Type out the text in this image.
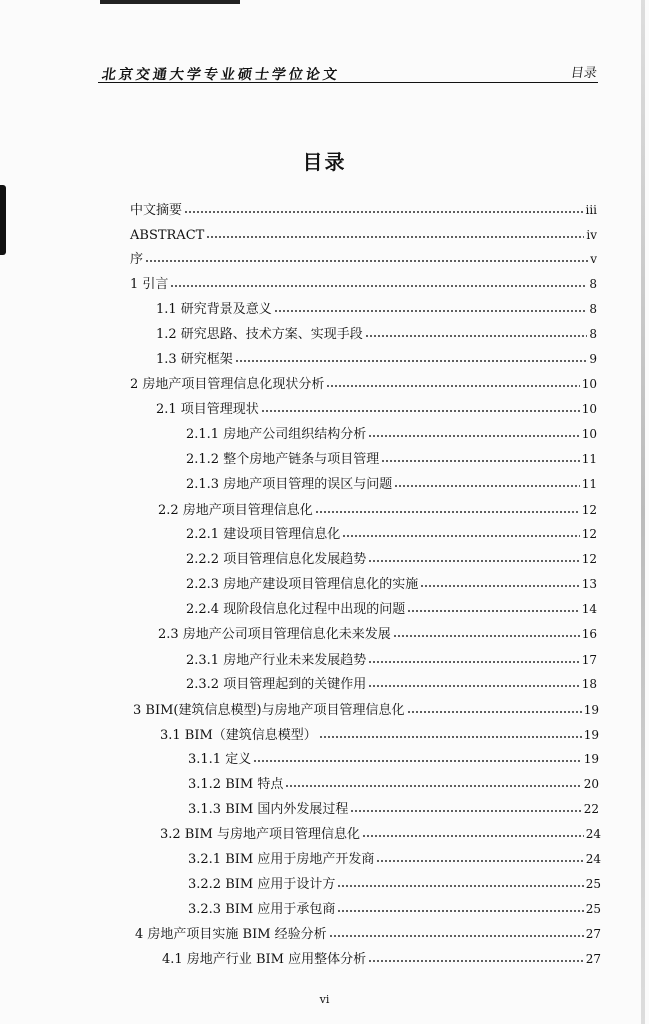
北京交通大学专业硕士学位论文	目录
目录
中文摘要	iii
ABSTRACT	iv
序	v
1 引言	8
1.1 研究背景及意义	8
1.2 研究思路、技术方案、实现手段	8
1.3 研究框架	9
2 房地产项目管理信息化现状分析	10
2.1 项目管理现状	10
2.1.1 房地产公司组织结构分析	10
2.1.2 整个房地产链条与项目管理	11
2.1.3 房地产项目管理的误区与问题	11
2.2 房地产项目管理信息化	12
2.2.1 建设项目管理信息化	12
2.2.2 项目管理信息化发展趋势	12
2.2.3 房地产建设项目管理信息化的实施	13
2.2.4 现阶段信息化过程中出现的问题	14
2.3 房地产公司项目管理信息化未来发展	16
2.3.1 房地产行业未来发展趋势	17
2.3.2 项目管理起到的关键作用	18
3 BIM(建筑信息模型)与房地产项目管理信息化	19
3.1 BIM（建筑信息模型）	19
3.1.1 定义	19
3.1.2 BIM 特点	20
3.1.3 BIM 国内外发展过程	22
3.2 BIM 与房地产项目管理信息化	24
3.2.1 BIM 应用于房地产开发商	24
3.2.2 BIM 应用于设计方	25
3.2.3 BIM 应用于承包商	25
4 房地产项目实施 BIM 经验分析	27
4.1 房地产行业 BIM 应用整体分析	27
vi
